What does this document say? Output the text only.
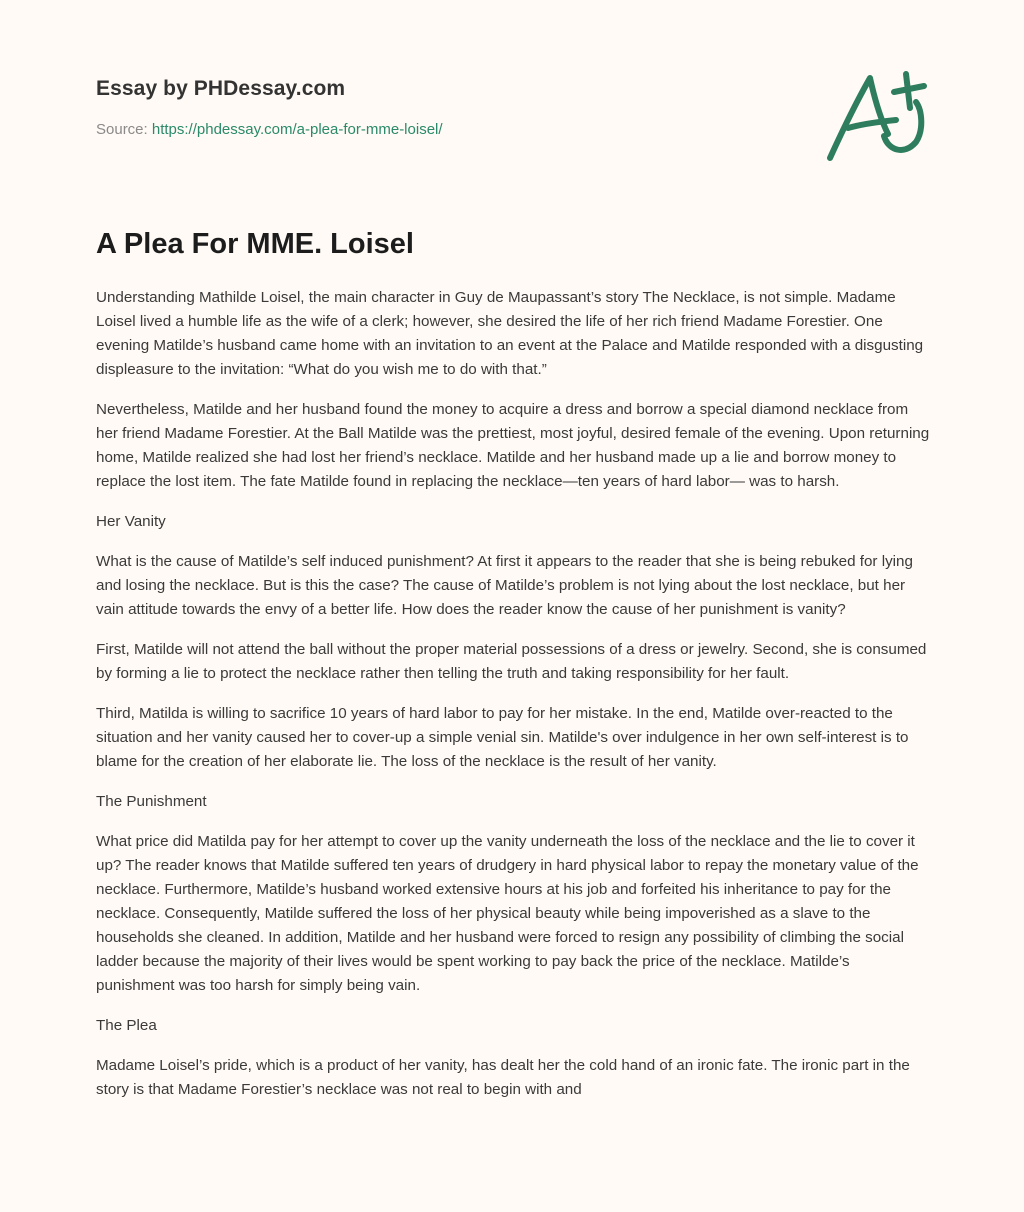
Essay by PHDessay.com
Source: https://phdessay.com/a-plea-for-mme-loisel/
A Plea For MME. Loisel

Understanding Mathilde Loisel, the main character in Guy de Maupassant’s story The Necklace, is not simple. Madame Loisel lived a humble life as the wife of a clerk; however, she desired the life of her rich friend Madame Forestier. One evening Matilde’s husband came home with an invitation to an event at the Palace and Matilde responded with a disgusting displeasure to the invitation: “What do you wish me to do with that.”

Nevertheless, Matilde and her husband found the money to acquire a dress and borrow a special diamond necklace from her friend Madame Forestier. At the Ball Matilde was the prettiest, most joyful, desired female of the evening. Upon returning home, Matilde realized she had lost her friend’s necklace. Matilde and her husband made up a lie and borrow money to replace the lost item. The fate Matilde found in replacing the necklace—ten years of hard labor— was to harsh.

Her Vanity

What is the cause of Matilde’s self induced punishment? At first it appears to the reader that she is being rebuked for lying and losing the necklace. But is this the case? The cause of Matilde’s problem is not lying about the lost necklace, but her vain attitude towards the envy of a better life. How does the reader know the cause of her punishment is vanity?

First, Matilde will not attend the ball without the proper material possessions of a dress or jewelry. Second, she is consumed by forming a lie to protect the necklace rather then telling the truth and taking responsibility for her fault.

Third, Matilda is willing to sacrifice 10 years of hard labor to pay for her mistake. In the end, Matilde over-reacted to the situation and her vanity caused her to cover-up a simple venial sin. Matilde's over indulgence in her own self-interest is to blame for the creation of her elaborate lie. The loss of the necklace is the result of her vanity.

The Punishment

What price did Matilda pay for her attempt to cover up the vanity underneath the loss of the necklace and the lie to cover it up? The reader knows that Matilde suffered ten years of drudgery in hard physical labor to repay the monetary value of the necklace. Furthermore, Matilde’s husband worked extensive hours at his job and forfeited his inheritance to pay for the necklace. Consequently, Matilde suffered the loss of her physical beauty while being impoverished as a slave to the households she cleaned. In addition, Matilde and her husband were forced to resign any possibility of climbing the social ladder because the majority of their lives would be spent working to pay back the price of the necklace. Matilde’s punishment was too harsh for simply being vain.

The Plea

Madame Loisel’s pride, which is a product of her vanity, has dealt her the cold hand of an ironic fate. The ironic part in the story is that Madame Forestier’s necklace was not real to begin with and
